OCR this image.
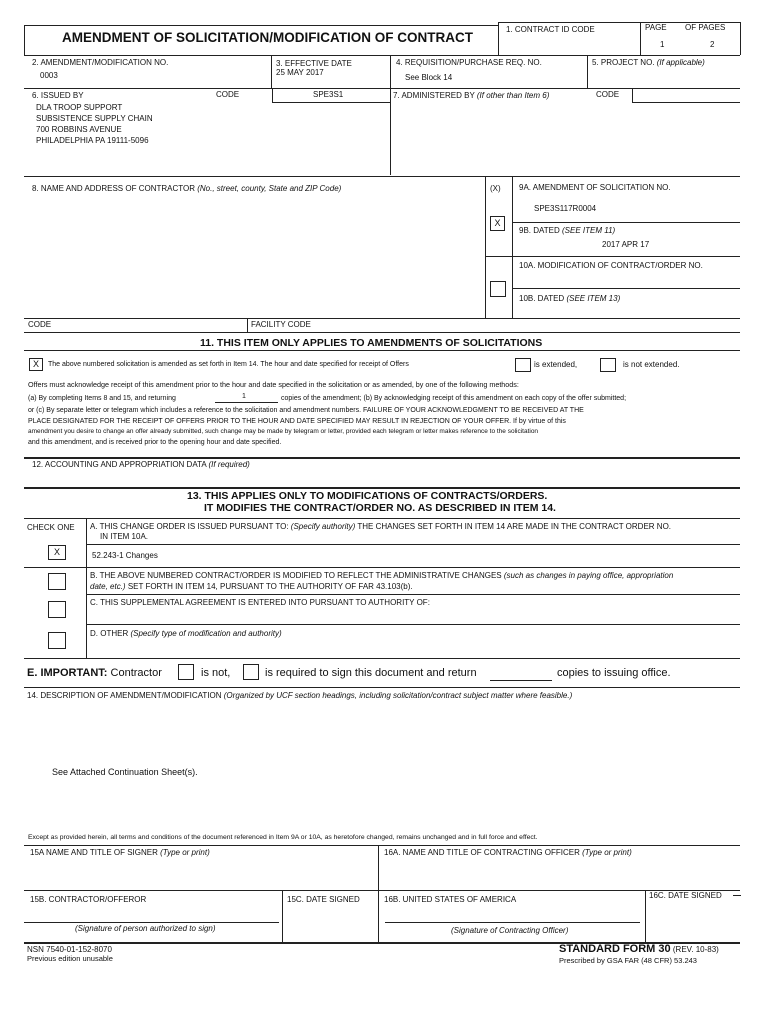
AMENDMENT OF SOLICITATION/MODIFICATION OF CONTRACT
1. CONTRACT ID CODE	PAGE OF PAGES
1	2
2. AMENDMENT/MODIFICATION NO.
0003
3. EFFECTIVE DATE
25 MAY 2017
4. REQUISITION/PURCHASE REQ. NO.
See Block 14
5. PROJECT NO. (If applicable)
6. ISSUED BY	CODE	SPE3S1
DLA TROOP SUPPORT
SUBSISTENCE SUPPLY CHAIN
700 ROBBINS AVENUE
PHILADELPHIA PA 19111-5096
7. ADMINISTERED BY (If other than Item 6)	CODE
8. NAME AND ADDRESS OF CONTRACTOR (No., street, county, State and ZIP Code)	(X) 9A. AMENDMENT OF SOLICITATION NO.
SPE3S117R0004
X
9B. DATED (SEE ITEM 11)
2017 APR 17
10A. MODIFICATION OF CONTRACT/ORDER NO.
10B. DATED (SEE ITEM 13)
CODE	FACILITY CODE
11. THIS ITEM ONLY APPLIES TO AMENDMENTS OF SOLICITATIONS
X	The above numbered solicitation is amended as set forth in Item 14. The hour and date specified for receipt of Offers	is extended,	is not extended.
Offers must acknowledge receipt of this amendment prior to the hour and date specified in the solicitation or as amended, by one of the following methods:
(a) By completing Items 8 and 15, and returning	1	copies of the amendment; (b) By acknowledging receipt of this amendment on each copy of the offer submitted;
or (c) By separate letter or telegram which includes a reference to the solicitation and amendment numbers. FAILURE OF YOUR ACKNOWLEDGMENT TO BE RECEIVED AT THE
PLACE DESIGNATED FOR THE RECEIPT OF OFFERS PRIOR TO THE HOUR AND DATE SPECIFIED MAY RESULT IN REJECTION OF YOUR OFFER. If by virtue of this
amendment you desire to change an offer already submitted, such change may be made by telegram or letter, provided each telegram or letter makes reference to the solicitation
and this amendment, and is received prior to the opening hour and date specified.
12. ACCOUNTING AND APPROPRIATION DATA (If required)
13. THIS APPLIES ONLY TO MODIFICATIONS OF CONTRACTS/ORDERS.
IT MODIFIES THE CONTRACT/ORDER NO. AS DESCRIBED IN ITEM 14.
CHECK ONE A. THIS CHANGE ORDER IS ISSUED PURSUANT TO: (Specify authority) THE CHANGES SET FORTH IN ITEM 14 ARE MADE IN THE CONTRACT ORDER NO.
IN ITEM 10A.
X	52.243-1 Changes
B. THE ABOVE NUMBERED CONTRACT/ORDER IS MODIFIED TO REFLECT THE ADMINISTRATIVE CHANGES (such as changes in paying office, appropriation
date, etc.) SET FORTH IN ITEM 14, PURSUANT TO THE AUTHORITY OF FAR 43.103(b).
C. THIS SUPPLEMENTAL AGREEMENT IS ENTERED INTO PURSUANT TO AUTHORITY OF:
D. OTHER (Specify type of modification and authority)
E. IMPORTANT: Contractor	is not,	is required to sign this document and return	copies to issuing office.
14. DESCRIPTION OF AMENDMENT/MODIFICATION (Organized by UCF section headings, including solicitation/contract subject matter where feasible.)
See Attached Continuation Sheet(s).
Except as provided herein, all terms and conditions of the document referenced in Item 9A or 10A, as heretofore changed, remains unchanged and in full force and effect.
15A NAME AND TITLE OF SIGNER (Type or print)	16A. NAME AND TITLE OF CONTRACTING OFFICER (Type or print)
15B. CONTRACTOR/OFFEROR	15C. DATE SIGNED	16B. UNITED STATES OF AMERICA	16C. DATE SIGNED
(Signature of person authorized to sign)	(Signature of Contracting Officer)
NSN 7540-01-152-8070
Previous edition unusable
STANDARD FORM 30 (REV. 10-83)
Prescribed by GSA FAR (48 CFR) 53.243
